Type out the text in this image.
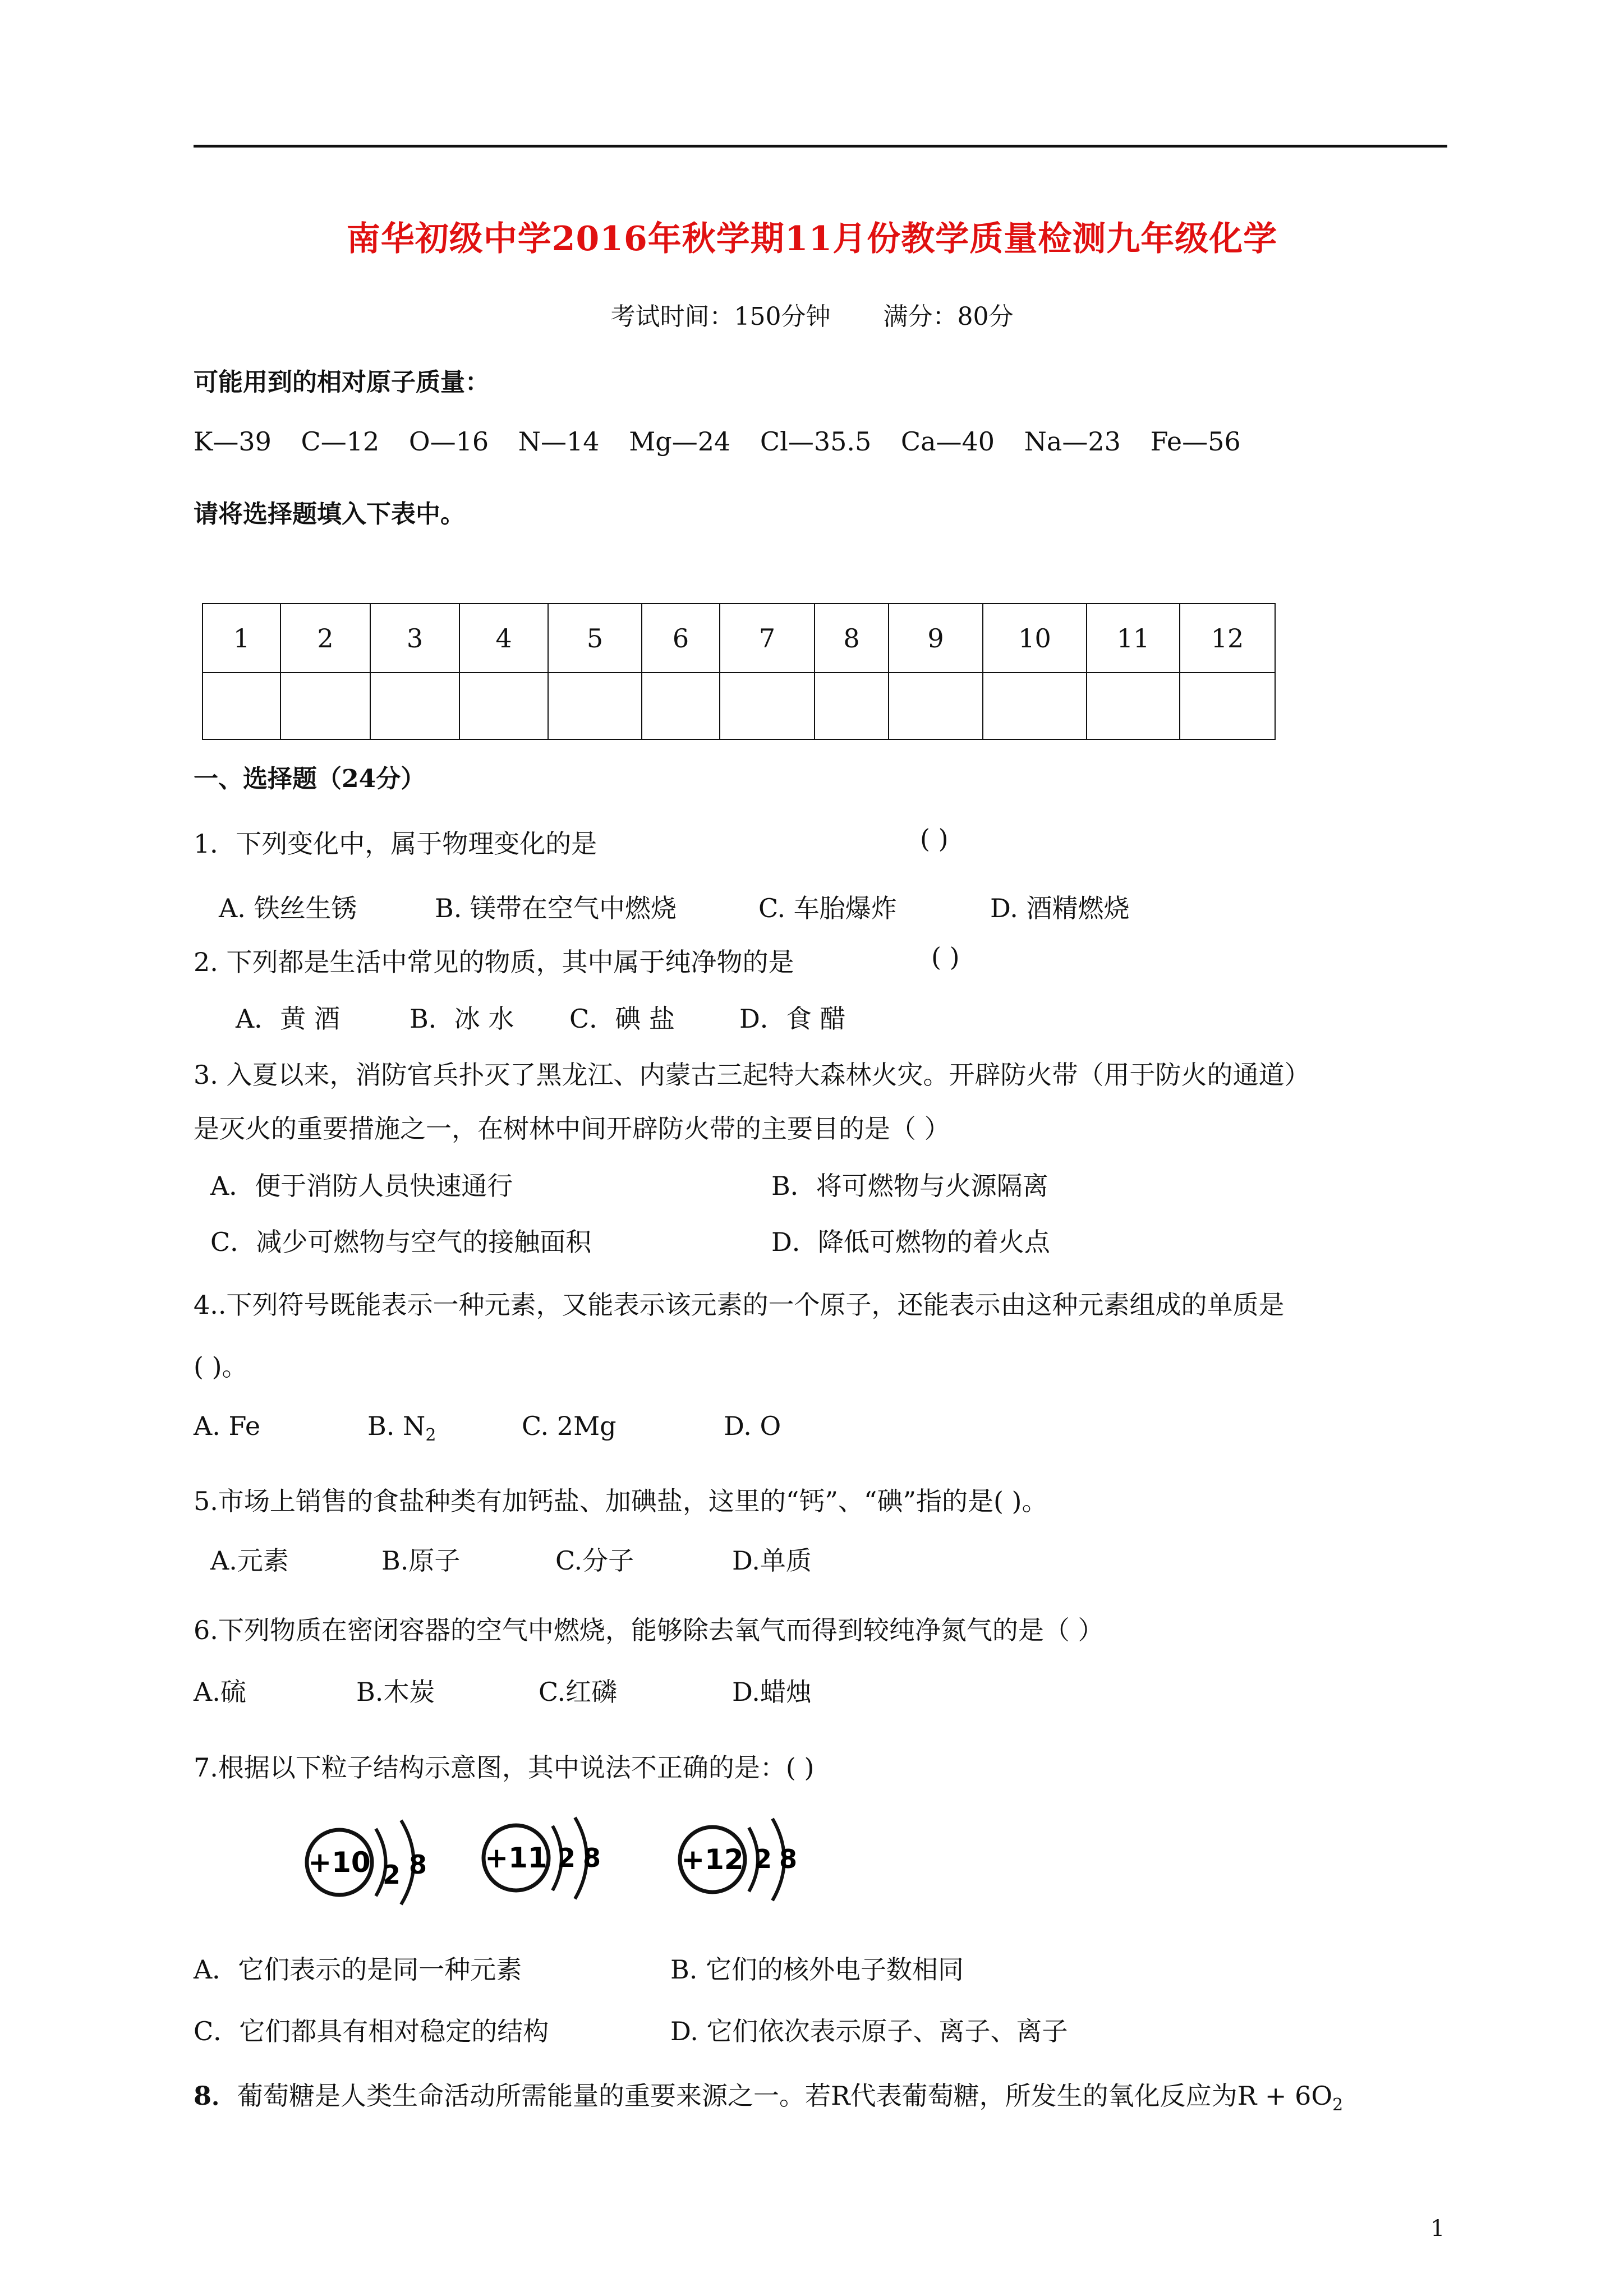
南华初级中学2016年秋学期11月份教学质量检测九年级化学
考试时间：150分钟 满分：80分
可能用到的相对原子质量：
K—39 C—12 O—16 N—14 Mg—24 Cl—35.5 Ca—40 Na—23 Fe—56
请将选择题填入下表中。
1	2	3	4	5	6	7	8	9	10	11	12

一、选择题（24分）
1．下列变化中，属于物理变化的是	( )
A. 铁丝生锈	B. 镁带在空气中燃烧	C. 车胎爆炸	D. 酒精燃烧
2. 下列都是生活中常见的物质，其中属于纯净物的是	( )
A．黄 酒	B．冰 水 C．碘 盐	D．食 醋
3. 入夏以来，消防官兵扑灭了黑龙江、内蒙古三起特大森林火灾。开辟防火带（用于防火的通道）
是灭火的重要措施之一，在树林中间开辟防火带的主要目的是（ ）
A．便于消防人员快速通行	B．将可燃物与火源隔离
C．减少可燃物与空气的接触面积	D．降低可燃物的着火点
4..下列符号既能表示一种元素，又能表示该元素的一个原子，还能表示由这种元素组成的单质是
( )。
A. Fe	B. $N_2$	C. 2Mg	D. O
5.市场上销售的食盐种类有加钙盐、加碘盐，这里的“钙”、“碘”指的是( )。
A.元素	B.原子	C.分子	D.单质
6.下列物质在密闭容器的空气中燃烧，能够除去氧气而得到较纯净氮气的是（ ）
A.硫	B.木炭	C.红磷	D.蜡烛
7.根据以下粒子结构示意图，其中说法不正确的是：( )
+10 2 8 +11 2 8	+12 2 8
A．它们表示的是同一种元素	B. 它们的核外电子数相同
C．它们都具有相对稳定的结构	D. 它们依次表示原子、离子、离子
8．葡萄糖是人类生命活动所需能量的重要来源之一。若R代表葡萄糖，所发生的氧化反应为$R + 6O_2$
1
